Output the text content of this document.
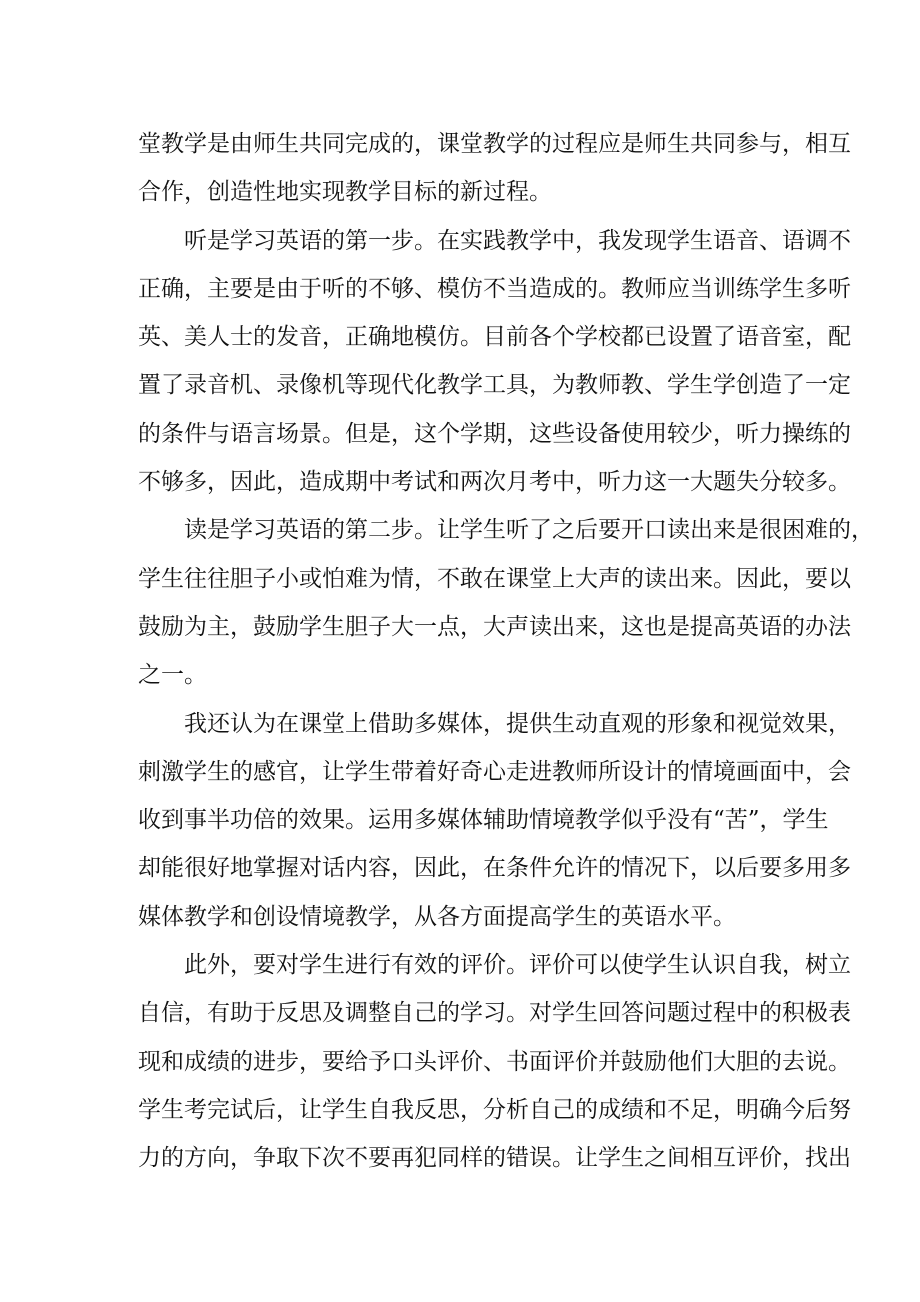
堂教学是由师生共同完成的，课堂教学的过程应是师生共同参与，相互
合作，创造性地实现教学目标的新过程。
听是学习英语的第一步。在实践教学中，我发现学生语音、语调不
正确，主要是由于听的不够、模仿不当造成的。教师应当训练学生多听
英、美人士的发音，正确地模仿。目前各个学校都已设置了语音室，配
置了录音机、录像机等现代化教学工具，为教师教、学生学创造了一定
的条件与语言场景。但是，这个学期，这些设备使用较少，听力操练的
不够多，因此，造成期中考试和两次月考中，听力这一大题失分较多。
读是学习英语的第二步。让学生听了之后要开口读出来是很困难的，
学生往往胆子小或怕难为情，不敢在课堂上大声的读出来。因此，要以
鼓励为主，鼓励学生胆子大一点，大声读出来，这也是提高英语的办法
之一。
我还认为在课堂上借助多媒体，提供生动直观的形象和视觉效果，
刺激学生的感官，让学生带着好奇心走进教师所设计的情境画面中，会
收到事半功倍的效果。运用多媒体辅助情境教学似乎没有“苦”，学生
却能很好地掌握对话内容，因此，在条件允许的情况下，以后要多用多
媒体教学和创设情境教学，从各方面提高学生的英语水平。
此外，要对学生进行有效的评价。评价可以使学生认识自我，树立
自信，有助于反思及调整自己的学习。对学生回答问题过程中的积极表
现和成绩的进步，要给予口头评价、书面评价并鼓励他们大胆的去说。
学生考完试后，让学生自我反思，分析自己的成绩和不足，明确今后努
力的方向，争取下次不要再犯同样的错误。让学生之间相互评价，找出
